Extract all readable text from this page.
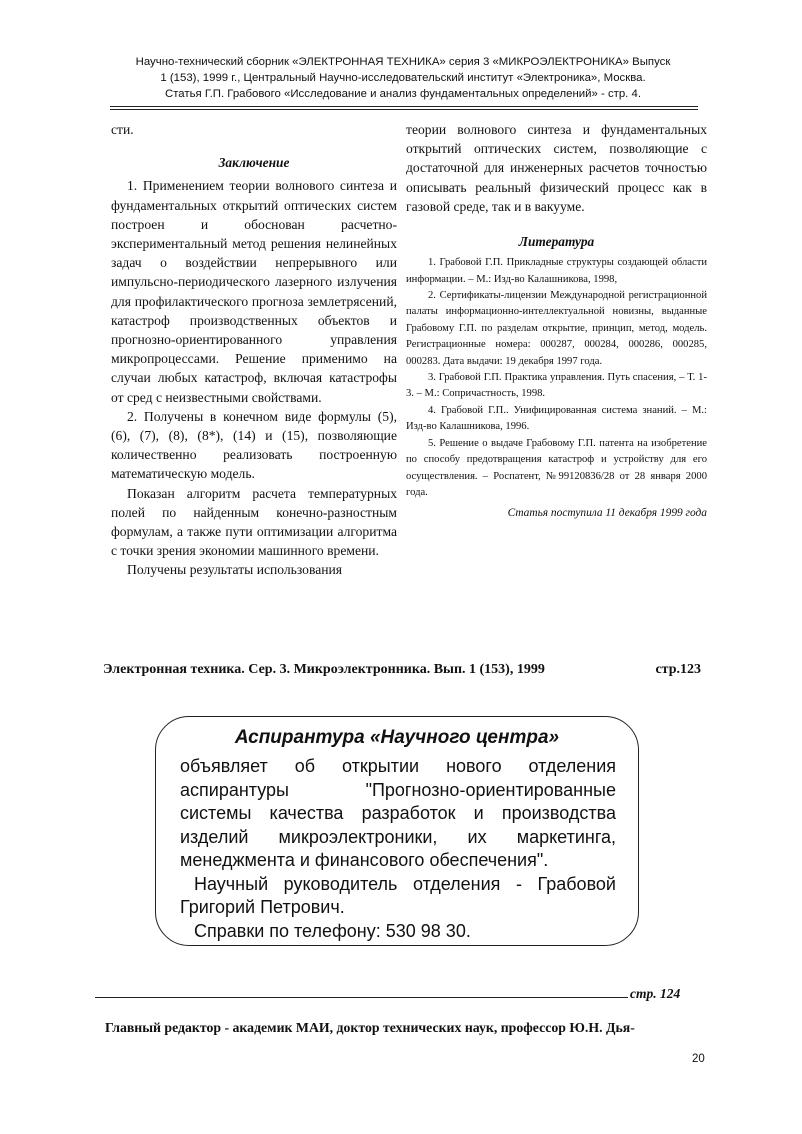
Научно-технический сборник «ЭЛЕКТРОННАЯ ТЕХНИКА» серия 3 «МИКРОЭЛЕКТРОНИКА» Выпуск
1 (153), 1999 г., Центральный Научно-исследовательский институт «Электроника», Москва.
Статья Г.П. Грабового «Исследование и анализ фундаментальных определений» - стр. 4.

сти.

Заключение

1. Применением теории волнового синтеза и фундаментальных открытий оптических систем построен и обоснован расчетно-экспериментальный метод решения нелинейных задач о воздействии непрерывного или импульсно-периодического лазерного излучения для профилактического прогноза землетрясений, катастроф производственных объектов и прогнозно-ориентированного управления микропроцессами. Решение применимо на случаи любых катастроф, включая катастрофы от сред с неизвестными свойствами.

2. Получены в конечном виде формулы (5), (6), (7), (8), (8*), (14) и (15), позволяющие количественно реализовать построенную математическую модель.

Показан алгоритм расчета температурных полей по найденным конечно-разностным формулам, а также пути оптимизации алгоритма с точки зрения экономии машинного времени.

Получены результаты использования

теории волнового синтеза и фундаментальных открытий оптических систем, позволяющие с достаточной для инженерных расчетов точностью описывать реальный физический процесс как в газовой среде, так и в вакууме.

Литература

1. Грабовой Г.П. Прикладные структуры создающей области информации. – М.: Изд-во Калашникова, 1998,

2. Сертификаты-лицензии Международной регистрационной палаты информационно-интеллектуальной новизны, выданные Грабовому Г.П. по разделам открытие, принцип, метод, модель. Регистрационные номера: 000287, 000284, 000286, 000285, 000283. Дата выдачи: 19 декабря 1997 года.

3. Грабовой Г.П. Практика управления. Путь спасения, – Т. 1-3. – М.: Сопричастность, 1998.

4. Грабовой Г.П.. Унифицированная система знаний. – М.: Изд-во Калашникова, 1996.

5. Решение о выдаче Грабовому Г.П. патента на изобретение по способу предотвращения катастроф и устройству для его осуществления. – Роспатент, №99120836/28 от 28 января 2000 года.

Статья поступила 11 декабря 1999 года

Электронная техника. Сер. 3. Микроэлектронника. Вып. 1 (153), 1999	стр.123
Аспирантура «Научного центра»

объявляет об открытии нового отделения аспирантуры "Прогнозно-ориентированные системы качества разработок и производства изделий микроэлектроники, их маркетинга, менеджмента и финансового обеспечения".

Научный руководитель отделения - Грабовой Григорий Петрович.

Справки по телефону: 530 98 30.

стр. 124
Главный редактор - академик МАИ, доктор технических наук, профессор Ю.Н. Дья-
20
